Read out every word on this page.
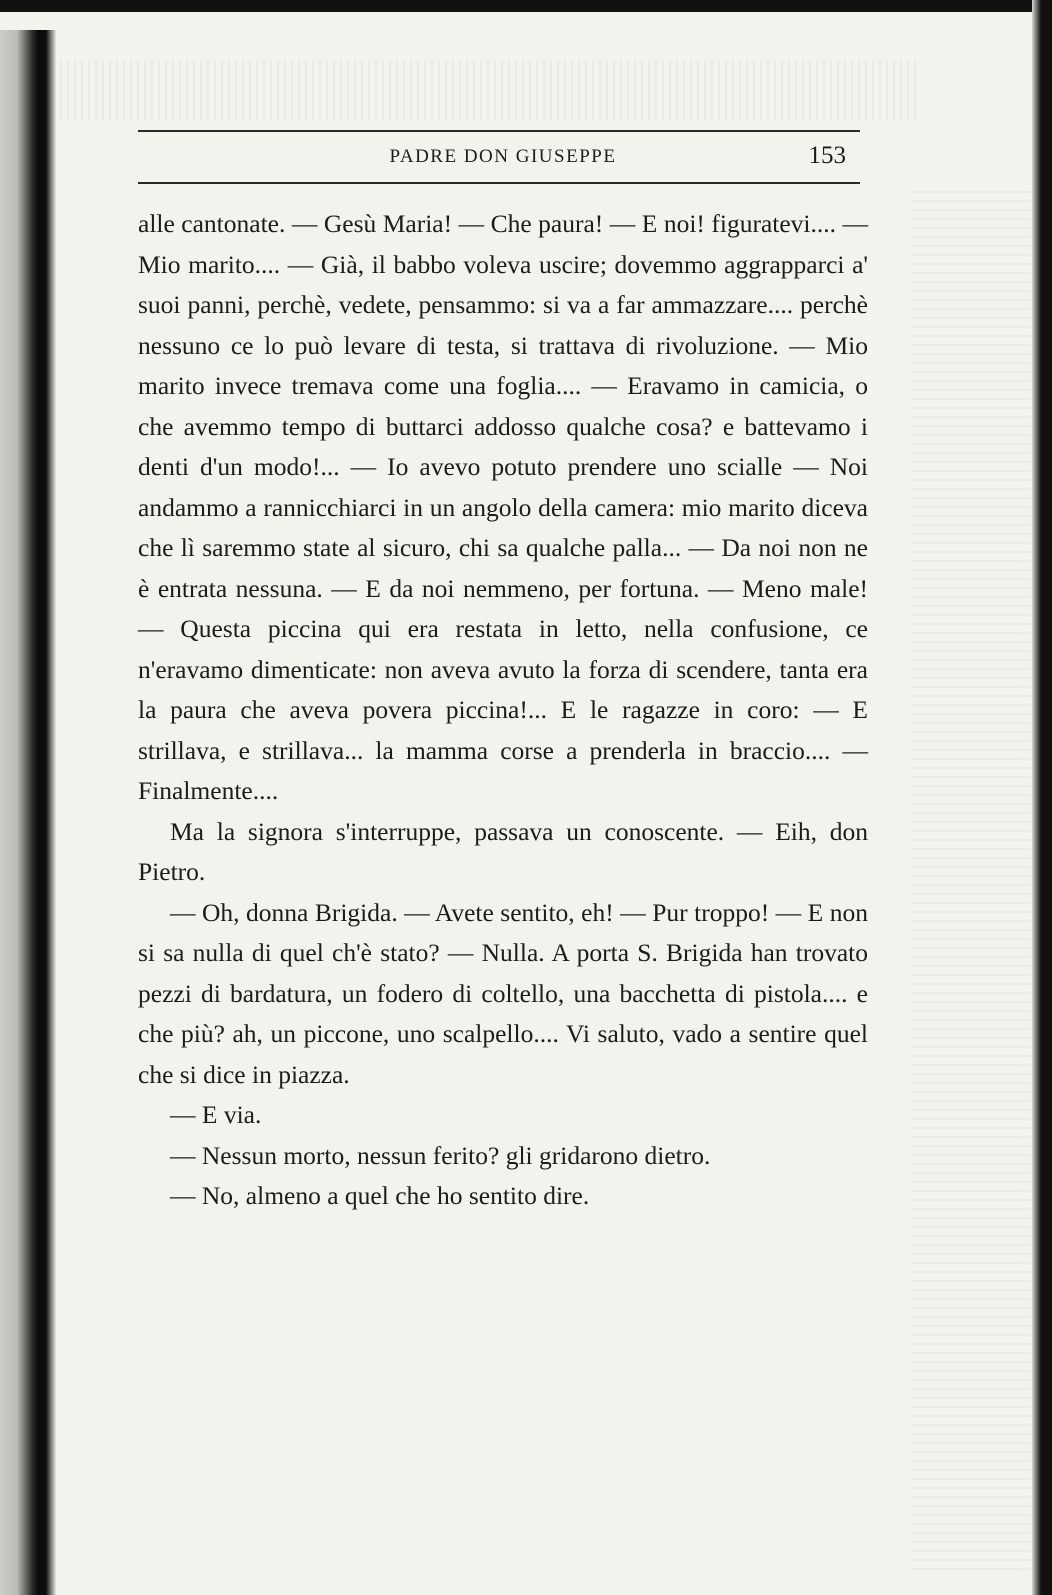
PADRE DON GIUSEPPE	153

alle cantonate. — Gesù Maria! — Che paura! — E noi! figuratevi.... — Mio marito.... — Già, il babbo voleva uscire; dovemmo aggrapparci a' suoi panni, perchè, vedete, pensammo: si va a far ammazzare.... perchè nessuno ce lo può levare di testa, si trattava di rivoluzione. — Mio marito invece tremava come una foglia.... — Eravamo in camicia, o che avemmo tempo di buttarci addosso qualche cosa? e battevamo i denti d'un modo!... — Io avevo potuto prendere uno scialle — Noi andammo a rannicchiarci in un angolo della camera: mio marito diceva che lì saremmo state al sicuro, chi sa qualche palla... — Da noi non ne è entrata nessuna. — E da noi nemmeno, per fortuna. — Meno male! — Questa piccina qui era restata in letto, nella confusione, ce n'eravamo dimenticate: non aveva avuto la forza di scendere, tanta era la paura che aveva povera piccina!... E le ragazze in coro: — E strillava, e strillava... la mamma corse a prenderla in braccio.... — Finalmente....

Ma la signora s'interruppe, passava un conoscente. — Eih, don Pietro.

— Oh, donna Brigida. — Avete sentito, eh! — Pur troppo! — E non si sa nulla di quel ch'è stato? — Nulla. A porta S. Brigida han trovato pezzi di bardatura, un fodero di coltello, una bacchetta di pistola.... e che più? ah, un piccone, uno scalpello.... Vi saluto, vado a sentire quel che si dice in piazza.

— E via.

— Nessun morto, nessun ferito? gli gridarono dietro.

— No, almeno a quel che ho sentito dire.
